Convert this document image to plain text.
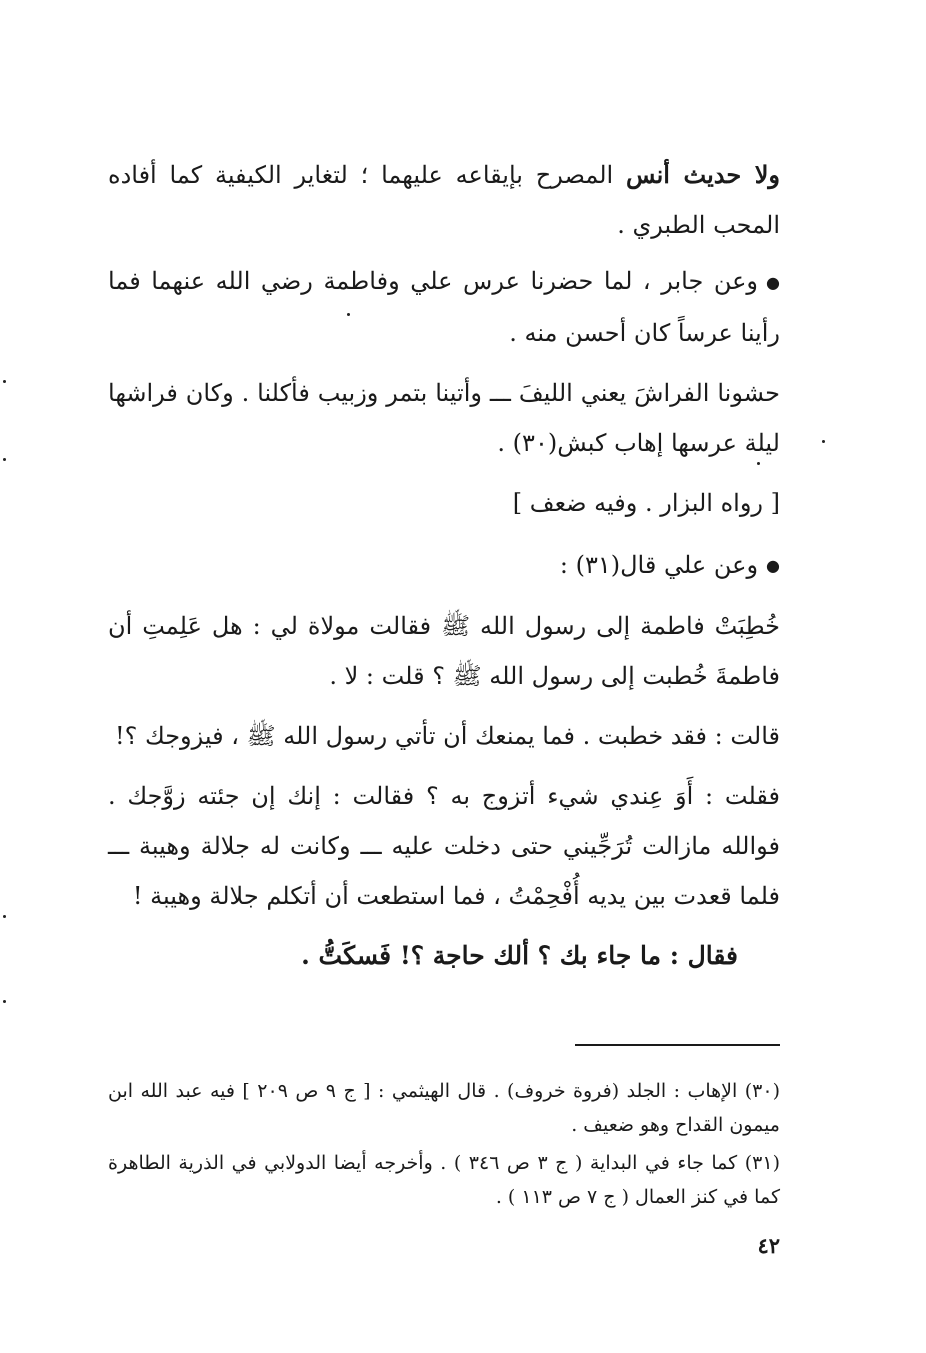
ولا حديث أنس المصرح بإيقاعه عليهما ؛ لتغاير الكيفية كما أفاده المحب الطبري .

●وعن جابر ، لما حضرنا عرس علي وفاطمة رضي الله عنهما فما رأينا عرساً كان أحسن منه .

حشونا الفراشَ يعني الليفَ ـــ وأتينا بتمر وزبيب فأكلنا . وكان فراشها ليلة عرسها إهاب كبش(٣٠) .

[ رواه البزار . وفيه ضعف ]

●وعن علي قال(٣١) :

خُطِبَتْ فاطمة إلى رسول الله ﷺ فقالت مولاة لي : هل عَلِمتِ أن فاطمةَ خُطبت إلى رسول الله ﷺ ؟ قلت : لا .

قالت : فقد خطبت . فما يمنعك أن تأتي رسول الله ﷺ ، فيزوجك ؟!

فقلت : أَوَ عِندي شيء أتزوج به ؟ فقالت : إنك إن جئته زوَّجك . فوالله مازالت تُرَجِّيني حتى دخلت عليه ـــ وكانت له جلالة وهيبة ـــ فلما قعدت بين يديه أُفْحِمْتُ ، فما استطعت أن أتكلم جلالة وهيبة !

فقال : ما جاء بك ؟ ألك حاجة ؟! فَسكَتُّ .

(٣٠) الإهاب : الجلد (فروة خروف) . قال الهيثمي : [ ج ٩ ص ٢٠٩ ] فيه عبد الله ابن ميمون القداح وهو ضعيف .

(٣١) كما جاء في البداية ( ج ٣ ص ٣٤٦ ) . وأخرجه أيضا الدولابي في الذرية الطاهرة كما في كنز العمال ( ج ٧ ص ١١٣ ) .

٤٢
